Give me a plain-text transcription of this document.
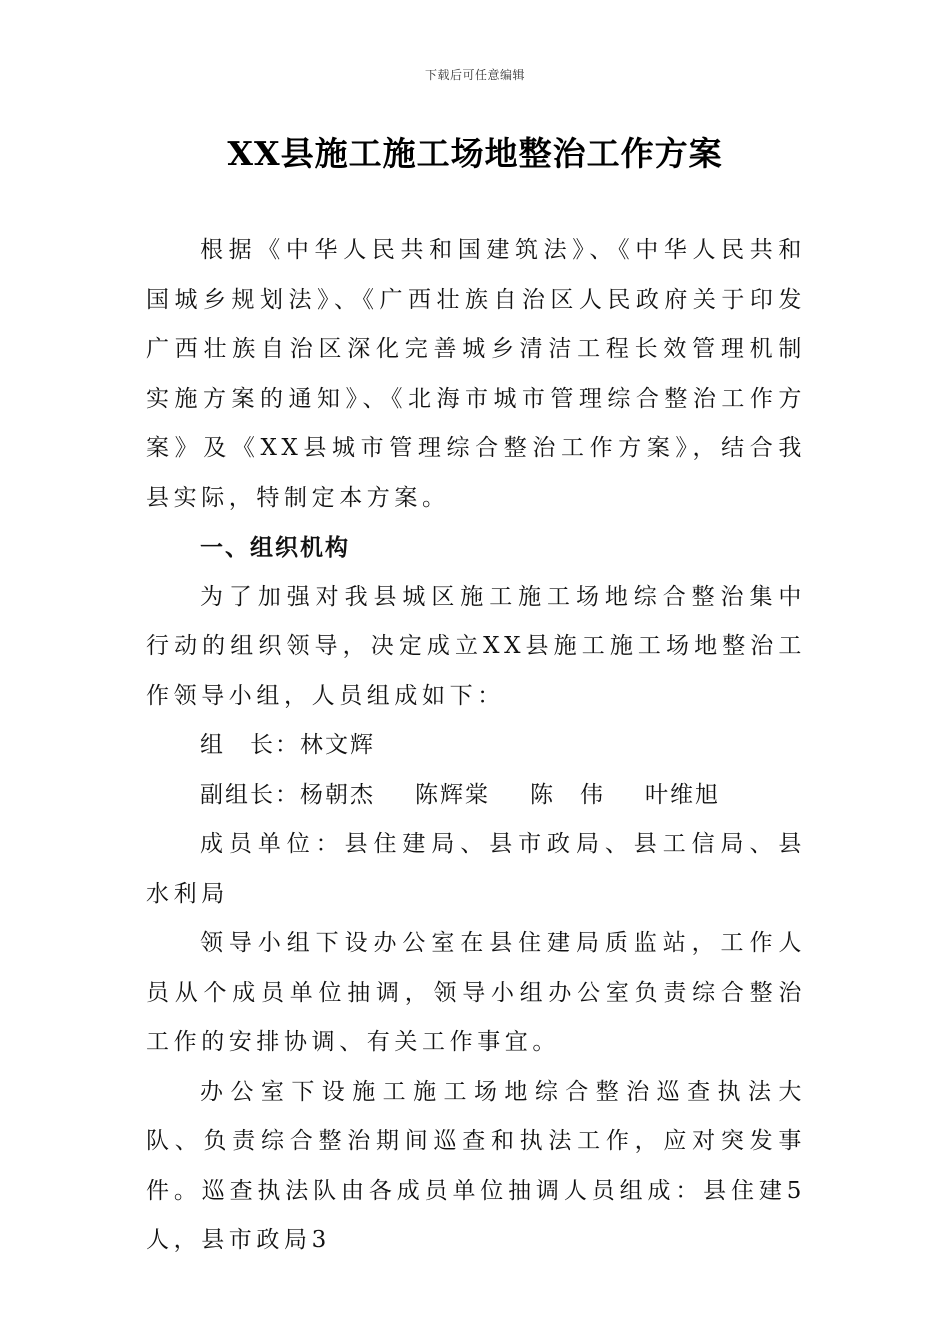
下载后可任意编辑
XX县施工施工场地整治工作方案

根据《中华人民共和国建筑法》、《中华人民共和国城乡规划法》、《广西壮族自治区人民政府关于印发广西壮族自治区深化完善城乡清洁工程长效管理机制实施方案的通知》、《北海市城市管理综合整治工作方案》及《XX县城市管理综合整治工作方案》，结合我县实际，特制定本方案。

一、组织机构

为了加强对我县城区施工施工场地综合整治集中行动的组织领导，决定成立XX县施工施工场地整治工作领导小组，人员组成如下：

组　长：林文辉

副组长：杨朝杰 陈辉棠 陈　伟 叶维旭

成员单位：县住建局、县市政局、县工信局、县水利局

领导小组下设办公室在县住建局质监站，工作人员从个成员单位抽调，领导小组办公室负责综合整治工作的安排协调、有关工作事宜。

办公室下设施工施工场地综合整治巡查执法大队、负责综合整治期间巡查和执法工作，应对突发事件。巡查执法队由各成员单位抽调人员组成：县住建5人，县市政局3
